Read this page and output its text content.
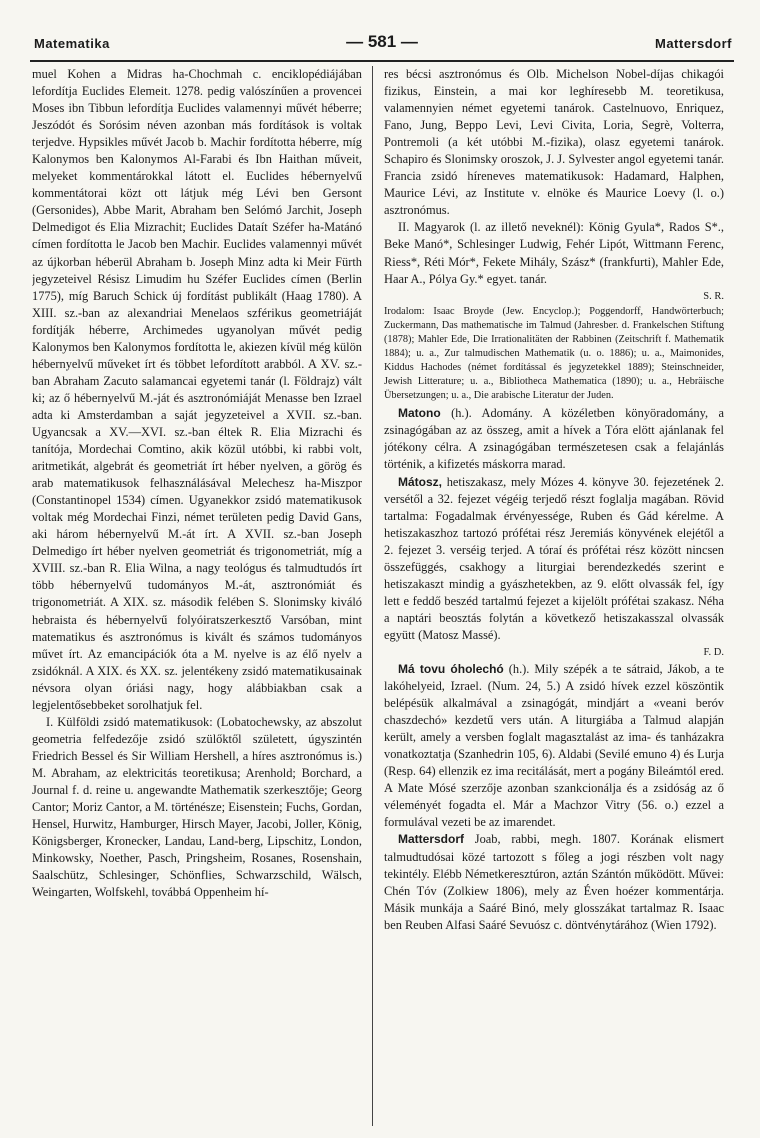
Matematika	— 581 —	Mattersdorf

muel Kohen a Midras ha-Chochmah c. enciklopédiájában lefordítja Euclides Elemeit. 1278. pedig valószínűen a provencei Moses ibn Tibbun lefordítja Euclides valamennyi művét héberre; Jeszódót és Sorósim néven azonban más fordítások is voltak terjedve. Hypsikles művét Jacob b. Machir fordította héberre, míg Kalonymos ben Kalonymos Al-Farabi és Ibn Haithan műveit, melyeket kommentárokkal látott el. Euclides hébernyelvű kommentátorai közt ott látjuk még Lévi ben Gersont (Gersonides), Abbe Marit, Abraham ben Selómó Jarchit, Joseph Delmedigot és Elia Mizrachit; Euclides Dataít Széfer ha-Matánó címen fordította le Jacob ben Machir. Euclides valamennyi művét az újkorban héberül Abraham b. Joseph Minz adta ki Meir Fürth jegyzeteivel Résisz Limudim hu Széfer Euclides címen (Berlin 1775), míg Baruch Schick új fordítást publikált (Haag 1780). A XIII. sz.-ban az alexandriai Menelaos szférikus geometriáját fordítják héberre, Archimedes ugyanolyan művét pedig Kalonymos ben Kalonymos fordította le, akiezen kívül még külön hébernyelvű műveket írt és többet lefordított arabból. A XV. sz.-ban Abraham Zacuto salamancai egyetemi tanár (l. Földrajz) vált ki; az ő hébernyelvű M.-ját és asztronómiáját Menasse ben Izrael adta ki Amsterdamban a saját jegyzeteivel a XVII. sz.-ban. Ugyancsak a XV.—XVI. sz.-ban éltek R. Elia Mizrachi és tanítója, Mordechai Comtino, akik közül utóbbi, ki rabbi volt, aritmetikát, algebrát és geometriát írt héber nyelven, a görög és arab matematikusok felhasználásával Melechesz ha-Miszpor (Constantinopel 1534) címen. Ugyanekkor zsidó matematikusok voltak még Mordechai Finzi, német területen pedig David Gans, aki három hébernyelvű M.-át írt. A XVII. sz.-ban Joseph Delmedigo írt héber nyelven geometriát és trigonometriát, míg a XVIII. sz.-ban R. Elia Wilna, a nagy teológus és talmudtudós írt több hébernyelvű tudományos M.-át, asztronómiát és trigonometriát. A XIX. sz. második felében S. Slonimsky kiváló hebraista és hébernyelvű folyóiratszerkesztő Varsóban, mint matematikus és asztronómus is kivált és számos tudományos művet írt. Az emancipációk óta a M. nyelve is az élő nyelv a zsidóknál. A XIX. és XX. sz. jelentékeny zsidó matematikusainak névsora olyan óriási nagy, hogy alábbiakban csak a legjelentősebbeket sorolhatjuk fel.

I. Külföldi zsidó matematikusok: (Lobatochewsky, az abszolut geometria felfedezője zsidó szülőktől született, úgyszintén Friedrich Bessel és Sir William Hershell, a híres asztronómus is.) M. Abraham, az elektricitás teoretikusa; Arenhold; Borchard, a Journal f. d. reine u. angewandte Mathematik szerkesztője; Georg Cantor; Moriz Cantor, a M. történésze; Eisenstein; Fuchs, Gordan, Hensel, Hurwitz, Hamburger, Hirsch Mayer, Jacobi, Joller, König, Königsberger, Kronecker, Landau, Land-berg, Lipschitz, London, Minkowsky, Noether, Pasch, Pringsheim, Rosanes, Rosenshain, Saalschütz, Schlesinger, Schönflies, Schwarzschild, Wälsch, Weingarten, Wolfskehl, továbbá Oppenheim hí-

res bécsi asztronómus és Olb. Michelson Nobel-díjas chikagói fizikus, Einstein, a mai kor leghíresebb M. teoretikusa, valamennyien német egyetemi tanárok. Castelnuovo, Enriquez, Fano, Jung, Beppo Levi, Levi Civita, Loria, Segrè, Volterra, Pontremoli (a két utóbbi M.-fizika), olasz egyetemi tanárok. Schapiro és Slonimsky oroszok, J. J. Sylvester angol egyetemi tanár. Francia zsidó híreneves matematikusok: Hadamard, Halphen, Maurice Lévi, az Institute v. elnöke és Maurice Loevy (l. o.) asztronómus.

II. Magyarok (l. az illető neveknél): König Gyula*, Rados S*., Beke Manó*, Schlesinger Ludwig, Fehér Lipót, Wittmann Ferenc, Riess*, Réti Mór*, Fekete Mihály, Szász* (frankfurti), Mahler Ede, Haar A., Pólya Gy.* egyet. tanár.

S. R.

Irodalom: Isaac Broyde (Jew. Encyclop.); Poggendorff, Handwörterbuch; Zuckermann, Das mathematische im Talmud (Jahresber. d. Frankelschen Stiftung (1878); Mahler Ede, Die Irrationalitäten der Rabbinen (Zeitschrift f. Mathematik 1884); u. a., Zur talmudischen Mathematik (u. o. 1886); u. a., Maimonides, Kiddus Hachodes (német fordítással és jegyzetekkel 1889); Steinschneider, Jewish Litterature; u. a., Bibliotheca Mathematica (1890); u. a., Hebräische Übersetzungen; u. a., Die arabische Literatur der Juden.

Matono (h.). Adomány. A közéletben könyöradomány, a zsinagógában az az összeg, amit a hívek a Tóra elött ajánlanak fel jótékony célra. A zsinagógában természetesen csak a felajánlás történik, a kifizetés máskorra marad.

Mátosz, hetiszakasz, mely Mózes 4. könyve 30. fejezetének 2. versétől a 32. fejezet végéig terjedő részt foglalja magában. Rövid tartalma: Fogadalmak érvényessége, Ruben és Gád kérelme. A hetiszakaszhoz tartozó prófétai rész Jeremiás könyvének elejétől a 2. fejezet 3. verséig terjed. A tóraí és prófétai rész között nincsen összefüggés, csakhogy a liturgiai berendezkedés szerint e hetiszakaszt mindig a gyászhetekben, az 9. előtt olvassák fel, így lett e feddő beszéd tartalmú fejezet a kijelölt prófétai szakasz. Néha a naptári beosztás folytán a következő hetiszakasszal olvassák együtt (Matosz Massé).

F. D.

Má tovu óholechó (h.). Mily szépék a te sátraid, Jákob, a te lakóhelyeid, Izrael. (Num. 24, 5.) A zsidó hívek ezzel köszöntik belépésük alkalmával a zsinagógát, mindjárt a «veani beróv chaszdechó» kezdetű vers után. A liturgiába a Talmud alapján került, amely a versben foglalt magasztalást az ima- és tanházakra vonatkoztatja (Szanhedrin 105, 6). Aldabi (Sevilé emuno 4) és Lurja (Resp. 64) ellenzik ez ima recitálását, mert a pogány Bileámtól ered. A Mate Mósé szerzője azonban szankcionálja és a zsidóság az ő véleményét fogadta el. Már a Machzor Vitry (56. o.) ezzel a formulával vezeti be az imarendet.

Mattersdorf Joab, rabbi, megh. 1807. Korának elismert talmudtudósai közé tartozott s főleg a jogi részben volt nagy tekintély. Elébb Németkeresztúron, aztán Szántón működött. Művei: Chén Tóv (Zolkiew 1806), mely az Éven hoézer kommentárja. Másik munkája a Saáré Binó, mely glosszákat tartalmaz R. Isaac ben Reuben Alfasi Saáré Sevuósz c. döntvénytárához (Wien 1792).
